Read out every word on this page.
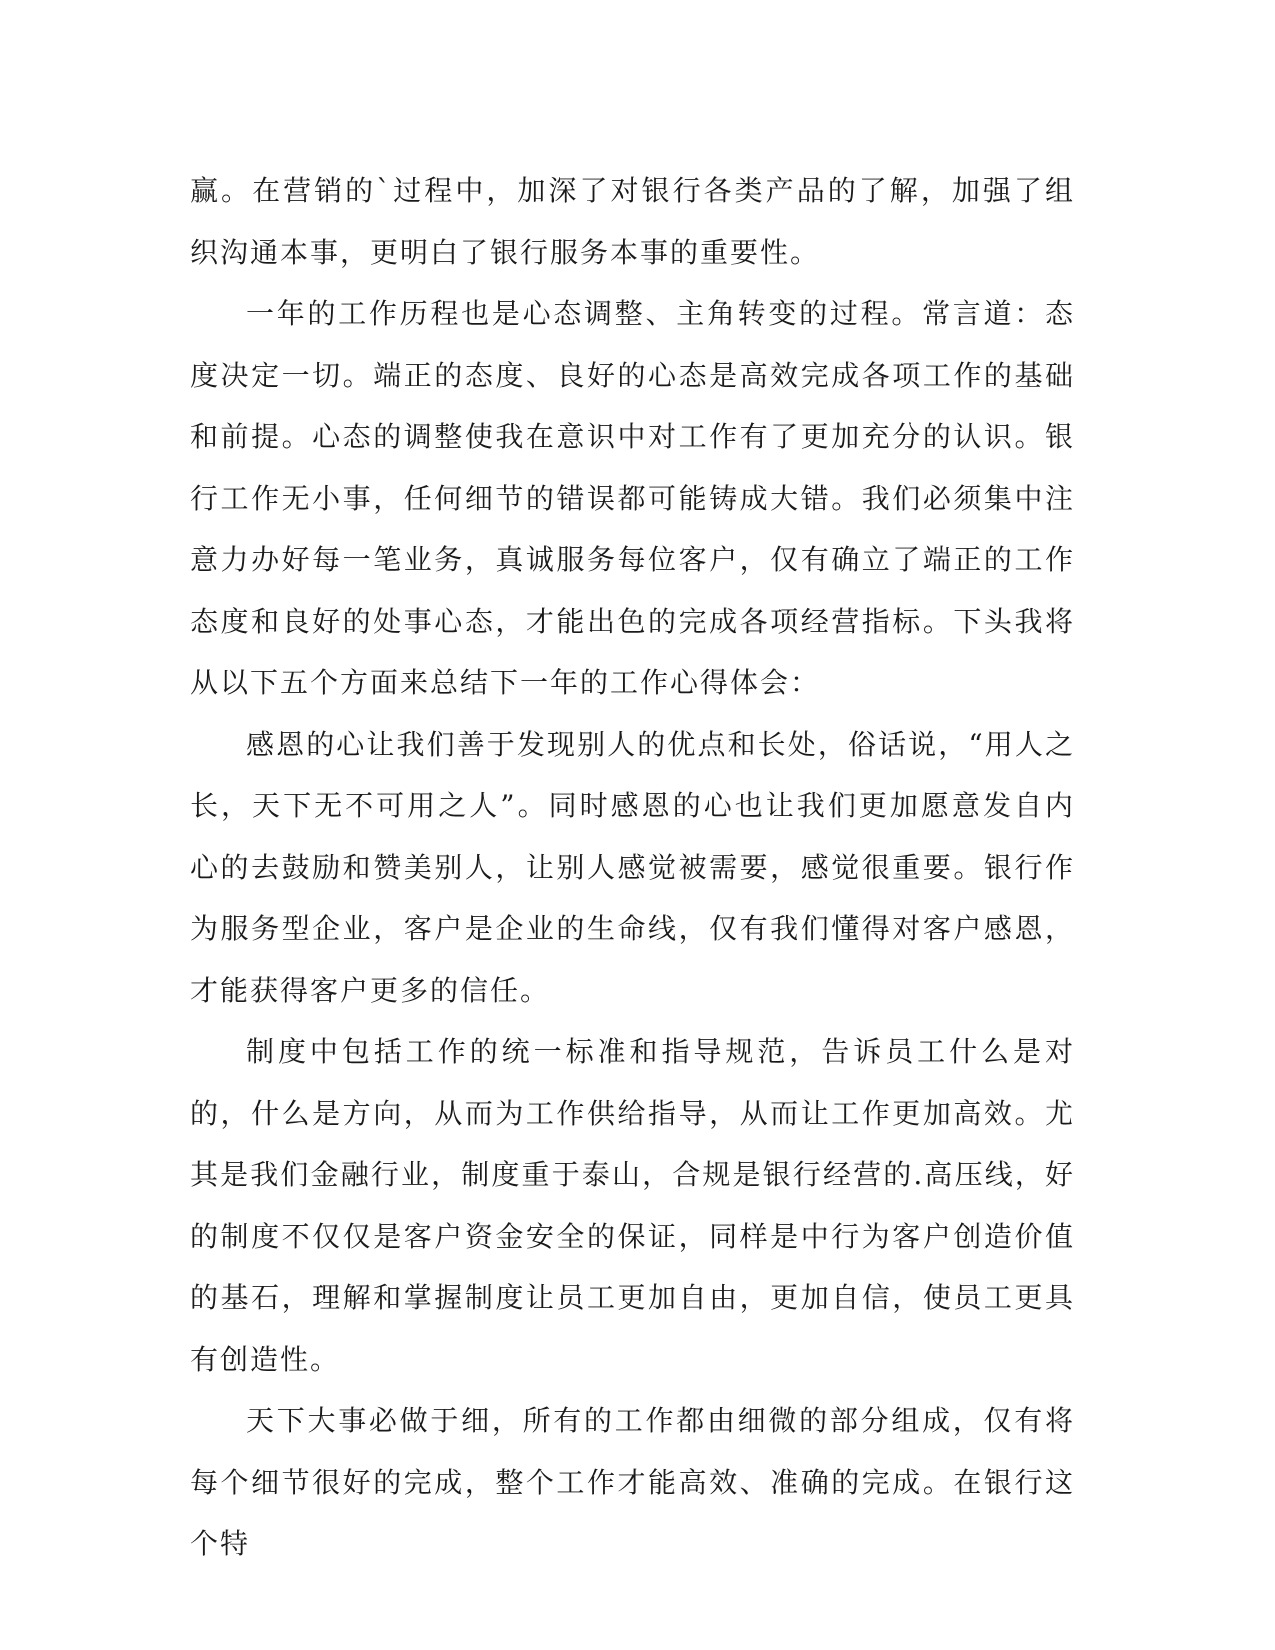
赢。在营销的`过程中，加深了对银行各类产品的了解，加强了组织沟通本事，更明白了银行服务本事的重要性。

一年的工作历程也是心态调整、主角转变的过程。常言道：态度决定一切。端正的态度、良好的心态是高效完成各项工作的基础和前提。心态的调整使我在意识中对工作有了更加充分的认识。银行工作无小事，任何细节的错误都可能铸成大错。我们必须集中注意力办好每一笔业务，真诚服务每位客户，仅有确立了端正的工作态度和良好的处事心态，才能出色的完成各项经营指标。下头我将从以下五个方面来总结下一年的工作心得体会：

感恩的心让我们善于发现别人的优点和长处，俗话说，“用人之长，天下无不可用之人”。同时感恩的心也让我们更加愿意发自内心的去鼓励和赞美别人，让别人感觉被需要，感觉很重要。银行作为服务型企业，客户是企业的生命线，仅有我们懂得对客户感恩，才能获得客户更多的信任。

制度中包括工作的统一标准和指导规范，告诉员工什么是对的，什么是方向，从而为工作供给指导，从而让工作更加高效。尤其是我们金融行业，制度重于泰山，合规是银行经营的.高压线，好的制度不仅仅是客户资金安全的保证，同样是中行为客户创造价值的基石，理解和掌握制度让员工更加自由，更加自信，使员工更具有创造性。

天下大事必做于细，所有的工作都由细微的部分组成，仅有将每个细节很好的完成，整个工作才能高效、准确的完成。在银行这个特
